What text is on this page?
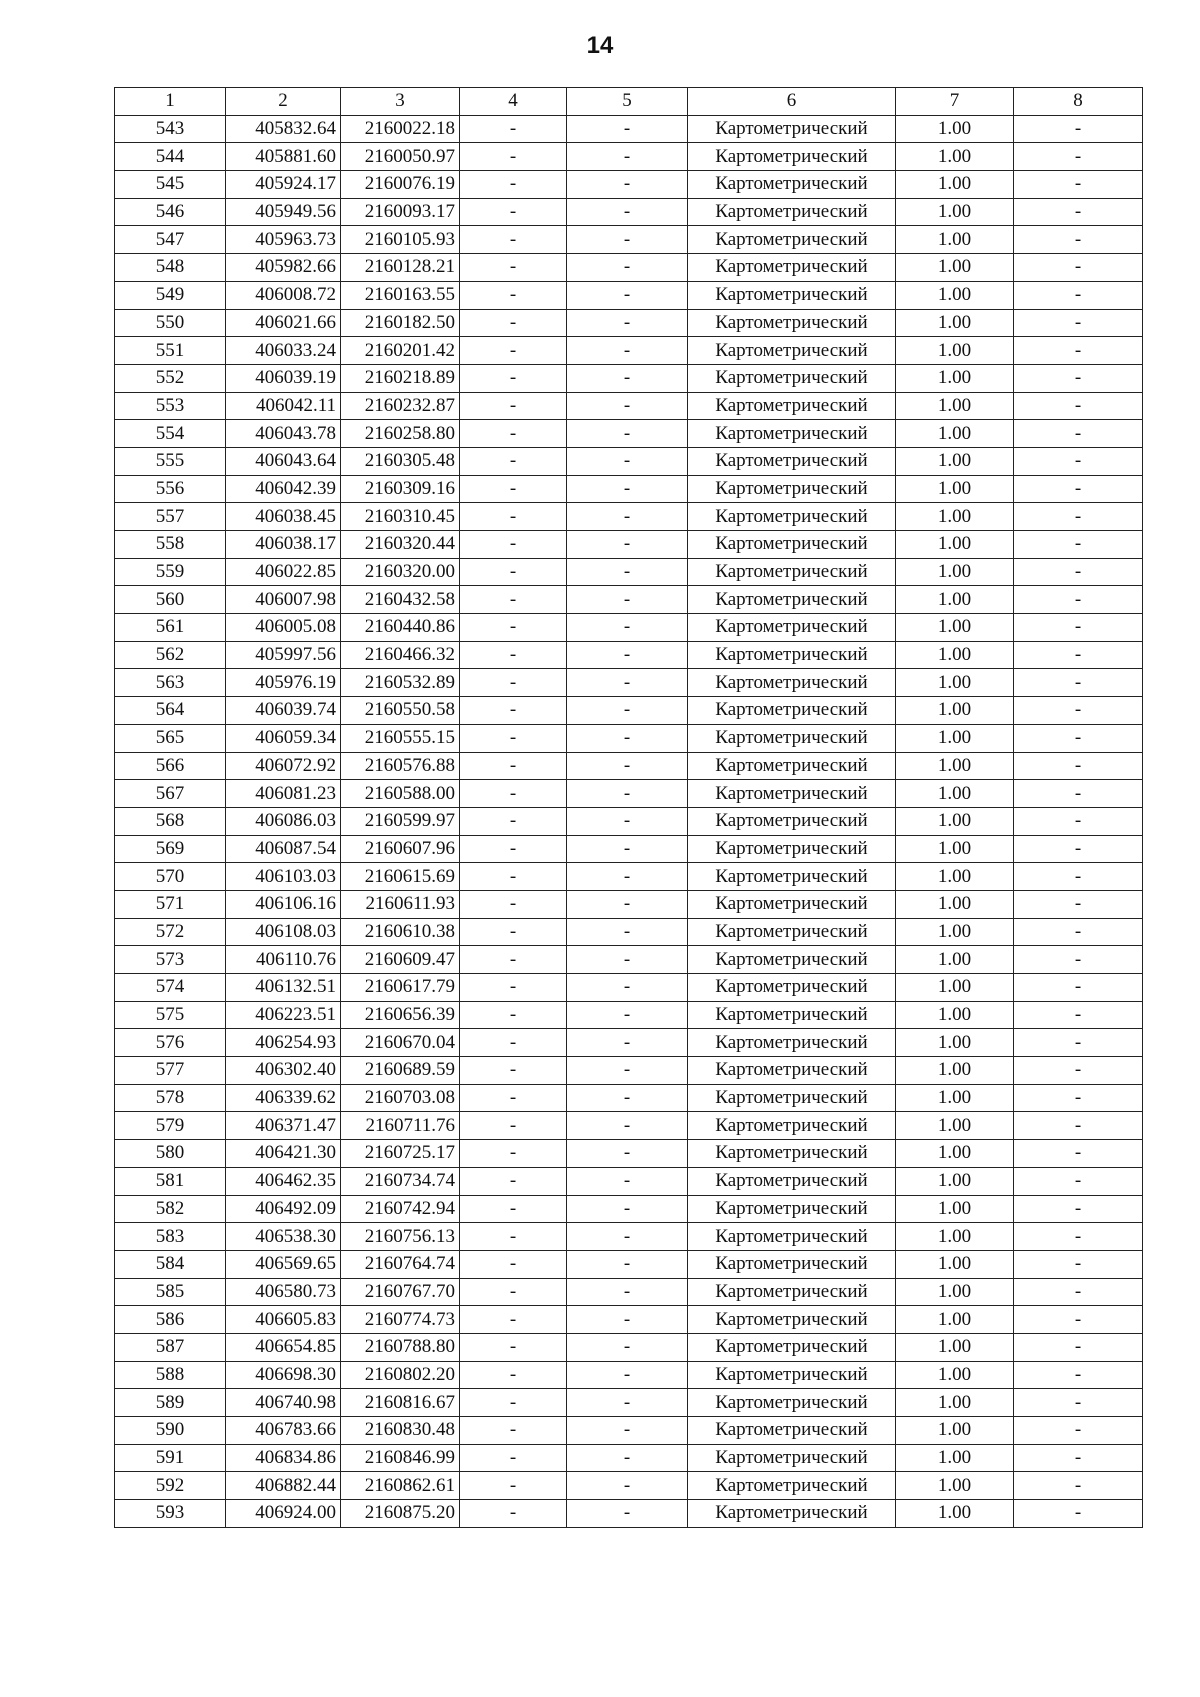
14
1	2	3	4	5	6	7	8
543	405832.64	2160022.18	-	-	Картометрический	1.00	-
544	405881.60	2160050.97	-	-	Картометрический	1.00	-
545	405924.17	2160076.19	-	-	Картометрический	1.00	-
546	405949.56	2160093.17	-	-	Картометрический	1.00	-
547	405963.73	2160105.93	-	-	Картометрический	1.00	-
548	405982.66	2160128.21	-	-	Картометрический	1.00	-
549	406008.72	2160163.55	-	-	Картометрический	1.00	-
550	406021.66	2160182.50	-	-	Картометрический	1.00	-
551	406033.24	2160201.42	-	-	Картометрический	1.00	-
552	406039.19	2160218.89	-	-	Картометрический	1.00	-
553	406042.11	2160232.87	-	-	Картометрический	1.00	-
554	406043.78	2160258.80	-	-	Картометрический	1.00	-
555	406043.64	2160305.48	-	-	Картометрический	1.00	-
556	406042.39	2160309.16	-	-	Картометрический	1.00	-
557	406038.45	2160310.45	-	-	Картометрический	1.00	-
558	406038.17	2160320.44	-	-	Картометрический	1.00	-
559	406022.85	2160320.00	-	-	Картометрический	1.00	-
560	406007.98	2160432.58	-	-	Картометрический	1.00	-
561	406005.08	2160440.86	-	-	Картометрический	1.00	-
562	405997.56	2160466.32	-	-	Картометрический	1.00	-
563	405976.19	2160532.89	-	-	Картометрический	1.00	-
564	406039.74	2160550.58	-	-	Картометрический	1.00	-
565	406059.34	2160555.15	-	-	Картометрический	1.00	-
566	406072.92	2160576.88	-	-	Картометрический	1.00	-
567	406081.23	2160588.00	-	-	Картометрический	1.00	-
568	406086.03	2160599.97	-	-	Картометрический	1.00	-
569	406087.54	2160607.96	-	-	Картометрический	1.00	-
570	406103.03	2160615.69	-	-	Картометрический	1.00	-
571	406106.16	2160611.93	-	-	Картометрический	1.00	-
572	406108.03	2160610.38	-	-	Картометрический	1.00	-
573	406110.76	2160609.47	-	-	Картометрический	1.00	-
574	406132.51	2160617.79	-	-	Картометрический	1.00	-
575	406223.51	2160656.39	-	-	Картометрический	1.00	-
576	406254.93	2160670.04	-	-	Картометрический	1.00	-
577	406302.40	2160689.59	-	-	Картометрический	1.00	-
578	406339.62	2160703.08	-	-	Картометрический	1.00	-
579	406371.47	2160711.76	-	-	Картометрический	1.00	-
580	406421.30	2160725.17	-	-	Картометрический	1.00	-
581	406462.35	2160734.74	-	-	Картометрический	1.00	-
582	406492.09	2160742.94	-	-	Картометрический	1.00	-
583	406538.30	2160756.13	-	-	Картометрический	1.00	-
584	406569.65	2160764.74	-	-	Картометрический	1.00	-
585	406580.73	2160767.70	-	-	Картометрический	1.00	-
586	406605.83	2160774.73	-	-	Картометрический	1.00	-
587	406654.85	2160788.80	-	-	Картометрический	1.00	-
588	406698.30	2160802.20	-	-	Картометрический	1.00	-
589	406740.98	2160816.67	-	-	Картометрический	1.00	-
590	406783.66	2160830.48	-	-	Картометрический	1.00	-
591	406834.86	2160846.99	-	-	Картометрический	1.00	-
592	406882.44	2160862.61	-	-	Картометрический	1.00	-
593	406924.00	2160875.20	-	-	Картометрический	1.00	-
